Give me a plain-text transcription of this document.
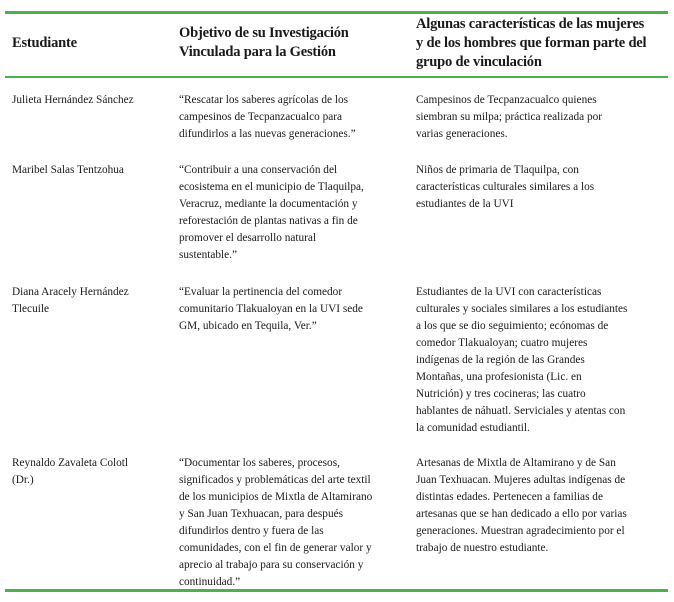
Estudiante
Objetivo de su Investigación
Vinculada para la Gestión
Algunas características de las mujeres
y de los hombres que forman parte del
grupo de vinculación
Julieta Hernández Sánchez	“Rescatar los saberes agrícolas de los
campesinos de Tecpanzacualco para
difundirlos a las nuevas generaciones.”
Campesinos de Tecpanzacualco quienes
siembran su milpa; práctica realizada por
varias generaciones.
Maribel Salas Tentzohua	“Contribuir a una conservación del
ecosistema en el municipio de Tlaquilpa,
Veracruz, mediante la documentación y
reforestación de plantas nativas a fin de
promover el desarrollo natural
sustentable.”
Niños de primaria de Tlaquilpa, con
características culturales similares a los
estudiantes de la UVI
Diana Aracely Hernández
Tlecuile
“Evaluar la pertinencia del comedor
comunitario Tlakualoyan en la UVI sede
GM, ubicado en Tequila, Ver.”
Estudiantes de la UVI con características
culturales y sociales similares a los estudiantes
a los que se dio seguimiento; ecónomas de
comedor Tlakualoyan; cuatro mujeres
indígenas de la región de las Grandes
Montañas, una profesionista (Lic. en
Nutrición) y tres cocineras; las cuatro
hablantes de náhuatl. Serviciales y atentas con
la comunidad estudiantil.
Reynaldo Zavaleta Colotl
(Dr.)
“Documentar los saberes, procesos,
significados y problemáticas del arte textil
de los municipios de Mixtla de Altamirano
y San Juan Texhuacan, para después
difundirlos dentro y fuera de las
comunidades, con el fin de generar valor y
aprecio al trabajo para su conservación y
continuidad.”
Artesanas de Mixtla de Altamirano y de San
Juan Texhuacan. Mujeres adultas indígenas de
distintas edades. Pertenecen a familias de
artesanas que se han dedicado a ello por varias
generaciones. Muestran agradecimiento por el
trabajo de nuestro estudiante.
